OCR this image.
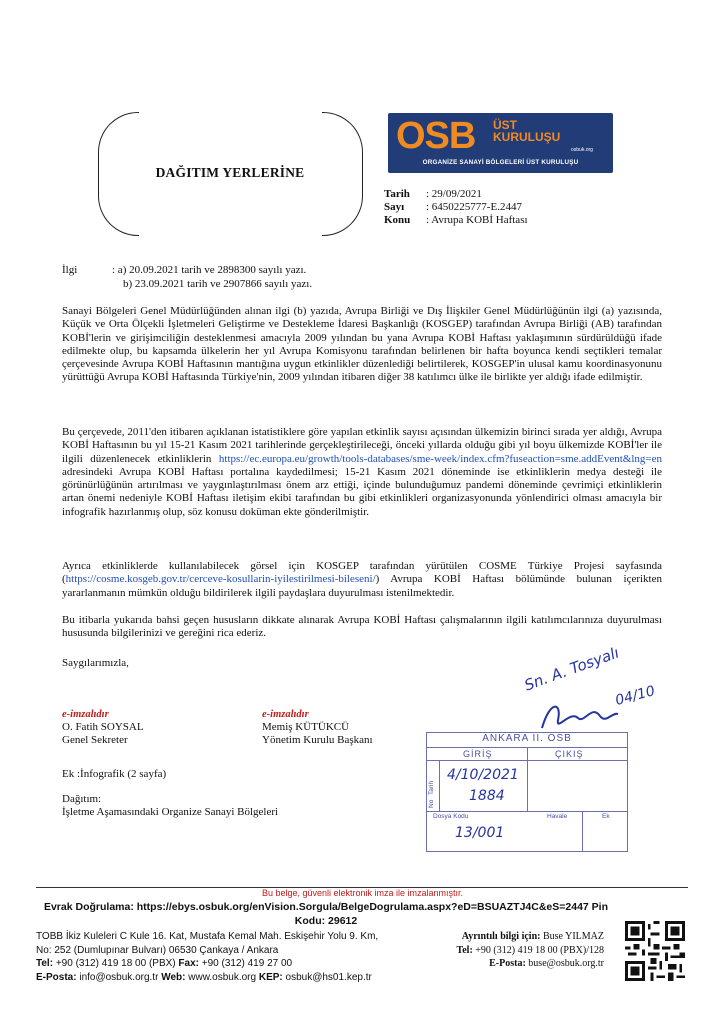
DAĞITIM YERLERİNE
OSB ÜST
KURULUŞU
osbuk.org
ORGANİZE SANAYİ BÖLGELERİ ÜST KURULUŞU
Tarih	: 29/09/2021
Sayı	: 6450225777-E.2447
Konu	: Avrupa KOBİ Haftası
İlgi	: a) 20.09.2021 tarih ve 2898300 sayılı yazı.
b) 23.09.2021 tarih ve 2907866 sayılı yazı.
Sanayi Bölgeleri Genel Müdürlüğünden alınan ilgi (b) yazıda, Avrupa Birliği ve Dış İlişkiler Genel Müdürlüğünün ilgi (a) yazısında, Küçük ve Orta Ölçekli İşletmeleri Geliştirme ve Destekleme İdaresi Başkanlığı (KOSGEP) tarafından Avrupa Birliği (AB) tarafından KOBİ'lerin ve girişimciliğin desteklenmesi amacıyla 2009 yılından bu yana Avrupa KOBİ Haftası yaklaşımının sürdürüldüğü ifade edilmekte olup, bu kapsamda ülkelerin her yıl Avrupa Komisyonu tarafından belirlenen bir hafta boyunca kendi seçtikleri temalar çerçevesinde Avrupa KOBİ Haftasının mantığına uygun etkinlikler düzenlediği belirtilerek, KOSGEP'in ulusal kamu koordinasyonunu yürüttüğü Avrupa KOBİ Haftasında Türkiye'nin, 2009 yılından itibaren diğer 38 katılımcı ülke ile birlikte yer aldığı ifade edilmiştir.
Bu çerçevede, 2011'den itibaren açıklanan istatistiklere göre yapılan etkinlik sayısı açısından ülkemizin birinci sırada yer aldığı, Avrupa KOBİ Haftasının bu yıl 15-21 Kasım 2021 tarihlerinde gerçekleştirileceği, önceki yıllarda olduğu gibi yıl boyu ülkemizde KOBİ'ler ile ilgili düzenlenecek etkinliklerin https://ec.europa.eu/growth/tools-databases/sme-week/index.cfm?fuseaction=sme.addEvent&lng=en adresindeki Avrupa KOBİ Haftası portalına kaydedilmesi; 15-21 Kasım 2021 döneminde ise etkinliklerin medya desteği ile görünürlüğünün artırılması ve yaygınlaştırılması önem arz ettiği, içinde bulunduğumuz pandemi döneminde çevrimiçi etkinliklerin artan önemi nedeniyle KOBİ Haftası iletişim ekibi tarafından bu gibi etkinlikleri organizasyonunda yönlendirici olması amacıyla bir infografik hazırlanmış olup, söz konusu doküman ekte gönderilmiştir.
Ayrıca etkinliklerde kullanılabilecek görsel için KOSGEP tarafından yürütülen COSME Türkiye Projesi sayfasında (https://cosme.kosgeb.gov.tr/cerceve-kosullarin-iyilestirilmesi-bileseni/) Avrupa KOBİ Haftası bölümünde bulunan içerikten yararlanmanın mümkün olduğu bildirilerek ilgili paydaşlara duyurulması istenilmektedir.
Bu itibarla yukarıda bahsi geçen hususların dikkate alınarak Avrupa KOBİ Haftası çalışmalarının ilgili katılımcılarınıza duyurulması hususunda bilgilerinizi ve gereğini rica ederiz.
Saygılarımızla,
e-imzalıdır
O. Fatih SOYSAL
Genel Sekreter
e-imzalıdır
Memiş KÜTÜKCÜ
Yönetim Kurulu Başkanı
Ek :İnfografik (2 sayfa)
Dağıtım:
İşletme Aşamasındaki Organize Sanayi Bölgeleri
Sn. A. Tosyalı
04/10
ANKARA II. OSB
GİRİŞ	ÇIKIŞ
Tarih
No
Dosya Kodu	Havale	Ek
4/10/2021
1884
13/001
Bu belge, güvenli elektronik imza ile imzalanmıştır.
Evrak Doğrulama: https://ebys.osbuk.org/enVision.Sorgula/BelgeDogrulama.aspx?eD=BSUAZTJ4C&eS=2447 Pin Kodu: 29612
TOBB İkiz Kuleleri C Kule 16. Kat, Mustafa Kemal Mah. Eskişehir Yolu 9. Km,
No: 252 (Dumlupınar Bulvarı) 06530 Çankaya / Ankara
Tel: +90 (312) 419 18 00 (PBX) Fax: +90 (312) 419 27 00
E-Posta: info@osbuk.org.tr Web: www.osbuk.org KEP: osbuk@hs01.kep.tr
Ayrıntılı bilgi için: Buse YILMAZ
Tel: +90 (312) 419 18 00 (PBX)/128
E-Posta: buse@osbuk.org.tr
